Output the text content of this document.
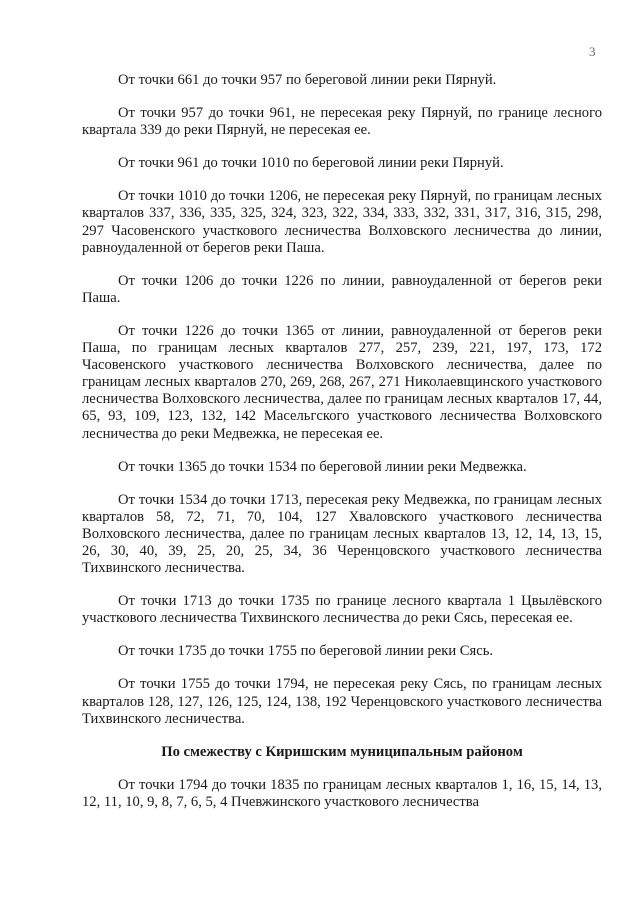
3

От точки 661 до точки 957 по береговой линии реки Пярнуй.

От точки 957 до точки 961, не пересекая реку Пярнуй, по границе лесного квартала 339 до реки Пярнуй, не пересекая ее.

От точки 961 до точки 1010 по береговой линии реки Пярнуй.

От точки 1010 до точки 1206, не пересекая реку Пярнуй, по границам лесных кварталов 337, 336, 335, 325, 324, 323, 322, 334, 333, 332, 331, 317, 316, 315, 298, 297 Часовенского участкового лесничества Волховского лесничества до линии, равноудаленной от берегов реки Паша.

От точки 1206 до точки 1226 по линии, равноудаленной от берегов реки Паша.

От точки 1226 до точки 1365 от линии, равноудаленной от берегов реки Паша, по границам лесных кварталов 277, 257, 239, 221, 197, 173, 172 Часовенского участкового лесничества Волховского лесничества, далее по границам лесных кварталов 270, 269, 268, 267, 271 Николаевщинского участкового лесничества Волховского лесничества, далее по границам лесных кварталов 17, 44, 65, 93, 109, 123, 132, 142 Масельгского участкового лесничества Волховского лесничества до реки Медвежка, не пересекая ее.

От точки 1365 до точки 1534 по береговой линии реки Медвежка.

От точки 1534 до точки 1713, пересекая реку Медвежка, по границам лесных кварталов 58, 72, 71, 70, 104, 127 Хваловского участкового лесничества Волховского лесничества, далее по границам лесных кварталов 13, 12, 14, 13, 15, 26, 30, 40, 39, 25, 20, 25, 34, 36 Черенцовского участкового лесничества Тихвинского лесничества.

От точки 1713 до точки 1735 по границе лесного квартала 1 Цвылёвского участкового лесничества Тихвинского лесничества до реки Сясь, пересекая ее.

От точки 1735 до точки 1755 по береговой линии реки Сясь.

От точки 1755 до точки 1794, не пересекая реку Сясь, по границам лесных кварталов 128, 127, 126, 125, 124, 138, 192 Черенцовского участкового лесничества Тихвинского лесничества.

По смежеству с Киришским муниципальным районом

От точки 1794 до точки 1835 по границам лесных кварталов 1, 16, 15, 14, 13, 12, 11, 10, 9, 8, 7, 6, 5, 4 Пчевжинского участкового лесничества
